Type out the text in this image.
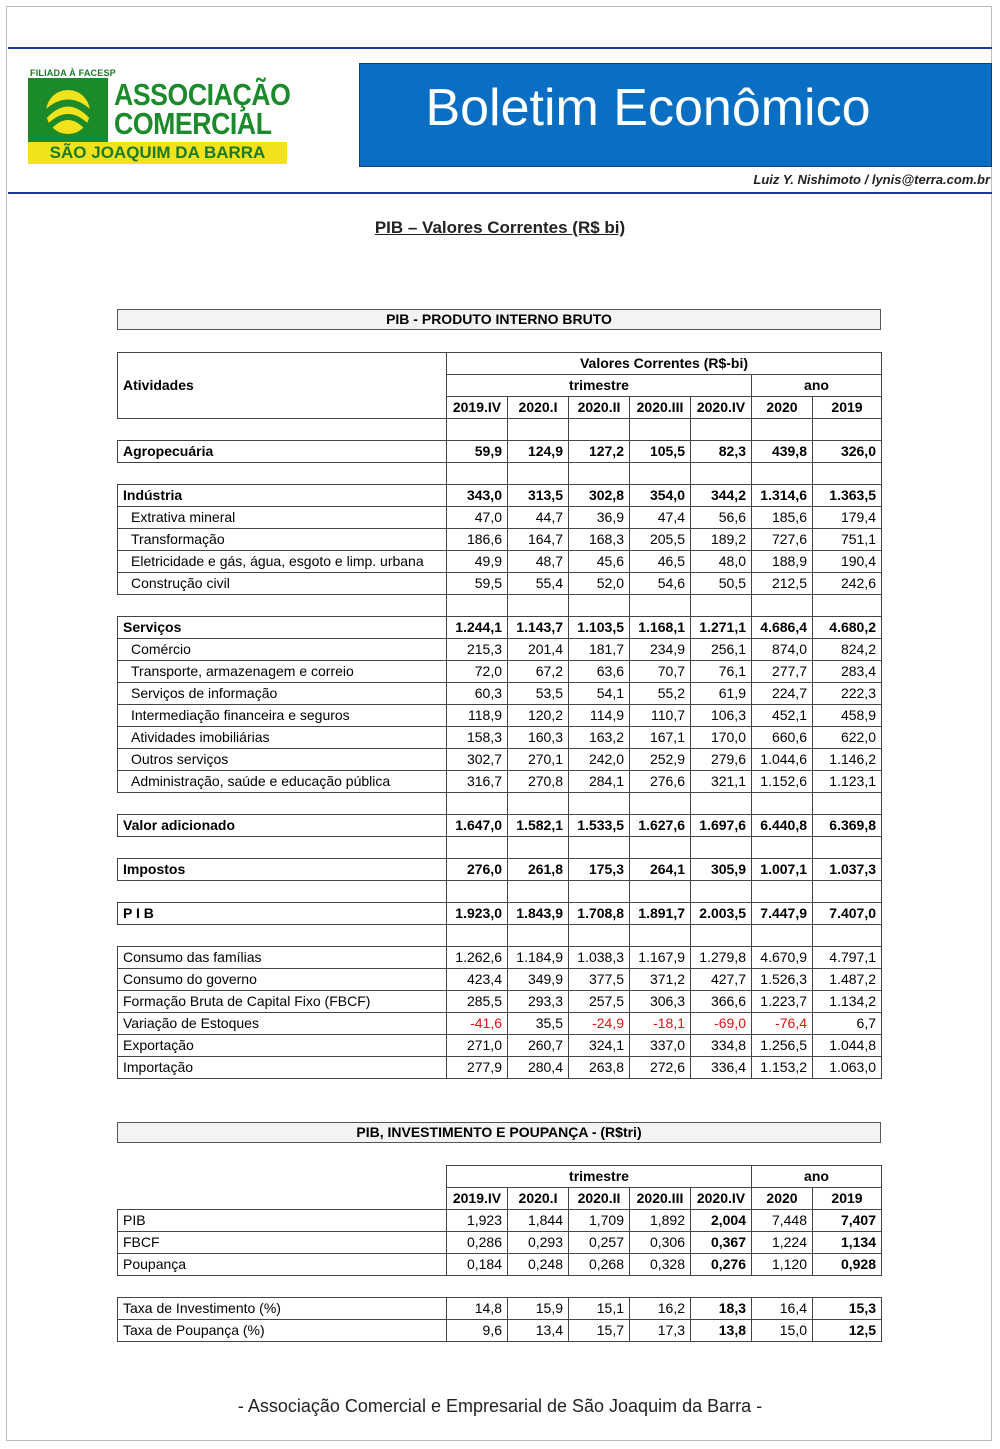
FILIADA À FACESP
ASSOCIAÇÃO
COMERCIAL
SÃO JOAQUIM DA BARRA
Boletim Econômico
Luiz Y. Nishimoto / lynis@terra.com.br
PIB – Valores Correntes (R$ bi)
PIB - PRODUTO INTERNO BRUTO
Atividades	Valores Correntes (R$-bi)						
	trimestre					ano	
	2019.IV	2020.I	2020.II	2020.III	2020.IV	2020	2019

Agropecuária	59,9	124,9	127,2	105,5	82,3	439,8	326,0

Indústria	343,0	313,5	302,8	354,0	344,2	1.314,6	1.363,5
Extrativa mineral	47,0	44,7	36,9	47,4	56,6	185,6	179,4
Transformação	186,6	164,7	168,3	205,5	189,2	727,6	751,1
Eletricidade e gás, água, esgoto e limp. urbana	49,9	48,7	45,6	46,5	48,0	188,9	190,4
Construção civil	59,5	55,4	52,0	54,6	50,5	212,5	242,6

Serviços	1.244,1	1.143,7	1.103,5	1.168,1	1.271,1	4.686,4	4.680,2
Comércio	215,3	201,4	181,7	234,9	256,1	874,0	824,2
Transporte, armazenagem e correio	72,0	67,2	63,6	70,7	76,1	277,7	283,4
Serviços de informação	60,3	53,5	54,1	55,2	61,9	224,7	222,3
Intermediação financeira e seguros	118,9	120,2	114,9	110,7	106,3	452,1	458,9
Atividades imobiliárias	158,3	160,3	163,2	167,1	170,0	660,6	622,0
Outros serviços	302,7	270,1	242,0	252,9	279,6	1.044,6	1.146,2
Administração, saúde e educação pública	316,7	270,8	284,1	276,6	321,1	1.152,6	1.123,1

Valor adicionado	1.647,0	1.582,1	1.533,5	1.627,6	1.697,6	6.440,8	6.369,8

Impostos	276,0	261,8	175,3	264,1	305,9	1.007,1	1.037,3

P I B	1.923,0	1.843,9	1.708,8	1.891,7	2.003,5	7.447,9	7.407,0

Consumo das famílias	1.262,6	1.184,9	1.038,3	1.167,9	1.279,8	4.670,9	4.797,1
Consumo do governo	423,4	349,9	377,5	371,2	427,7	1.526,3	1.487,2
Formação Bruta de Capital Fixo (FBCF)	285,5	293,3	257,5	306,3	366,6	1.223,7	1.134,2
Variação de Estoques	-41,6	35,5	-24,9	-18,1	-69,0	-76,4	6,7
Exportação	271,0	260,7	324,1	337,0	334,8	1.256,5	1.044,8
Importação	277,9	280,4	263,8	272,6	336,4	1.153,2	1.063,0
	trimestre					ano	
	2019.IV	2020.I	2020.II	2020.III	2020.IV	2020	2019
PIB	1,923	1,844	1,709	1,892	2,004	7,448	7,407
FBCF	0,286	0,293	0,257	0,306	0,367	1,224	1,134
Poupança	0,184	0,248	0,268	0,328	0,276	1,120	0,928

Taxa de Investimento (%)	14,8	15,9	15,1	16,2	18,3	16,4	15,3
Taxa de Poupança (%)	9,6	13,4	15,7	17,3	13,8	15,0	12,5
PIB, INVESTIMENTO E POUPANÇA - (R$tri)
- Associação Comercial e Empresarial de São Joaquim da Barra -
